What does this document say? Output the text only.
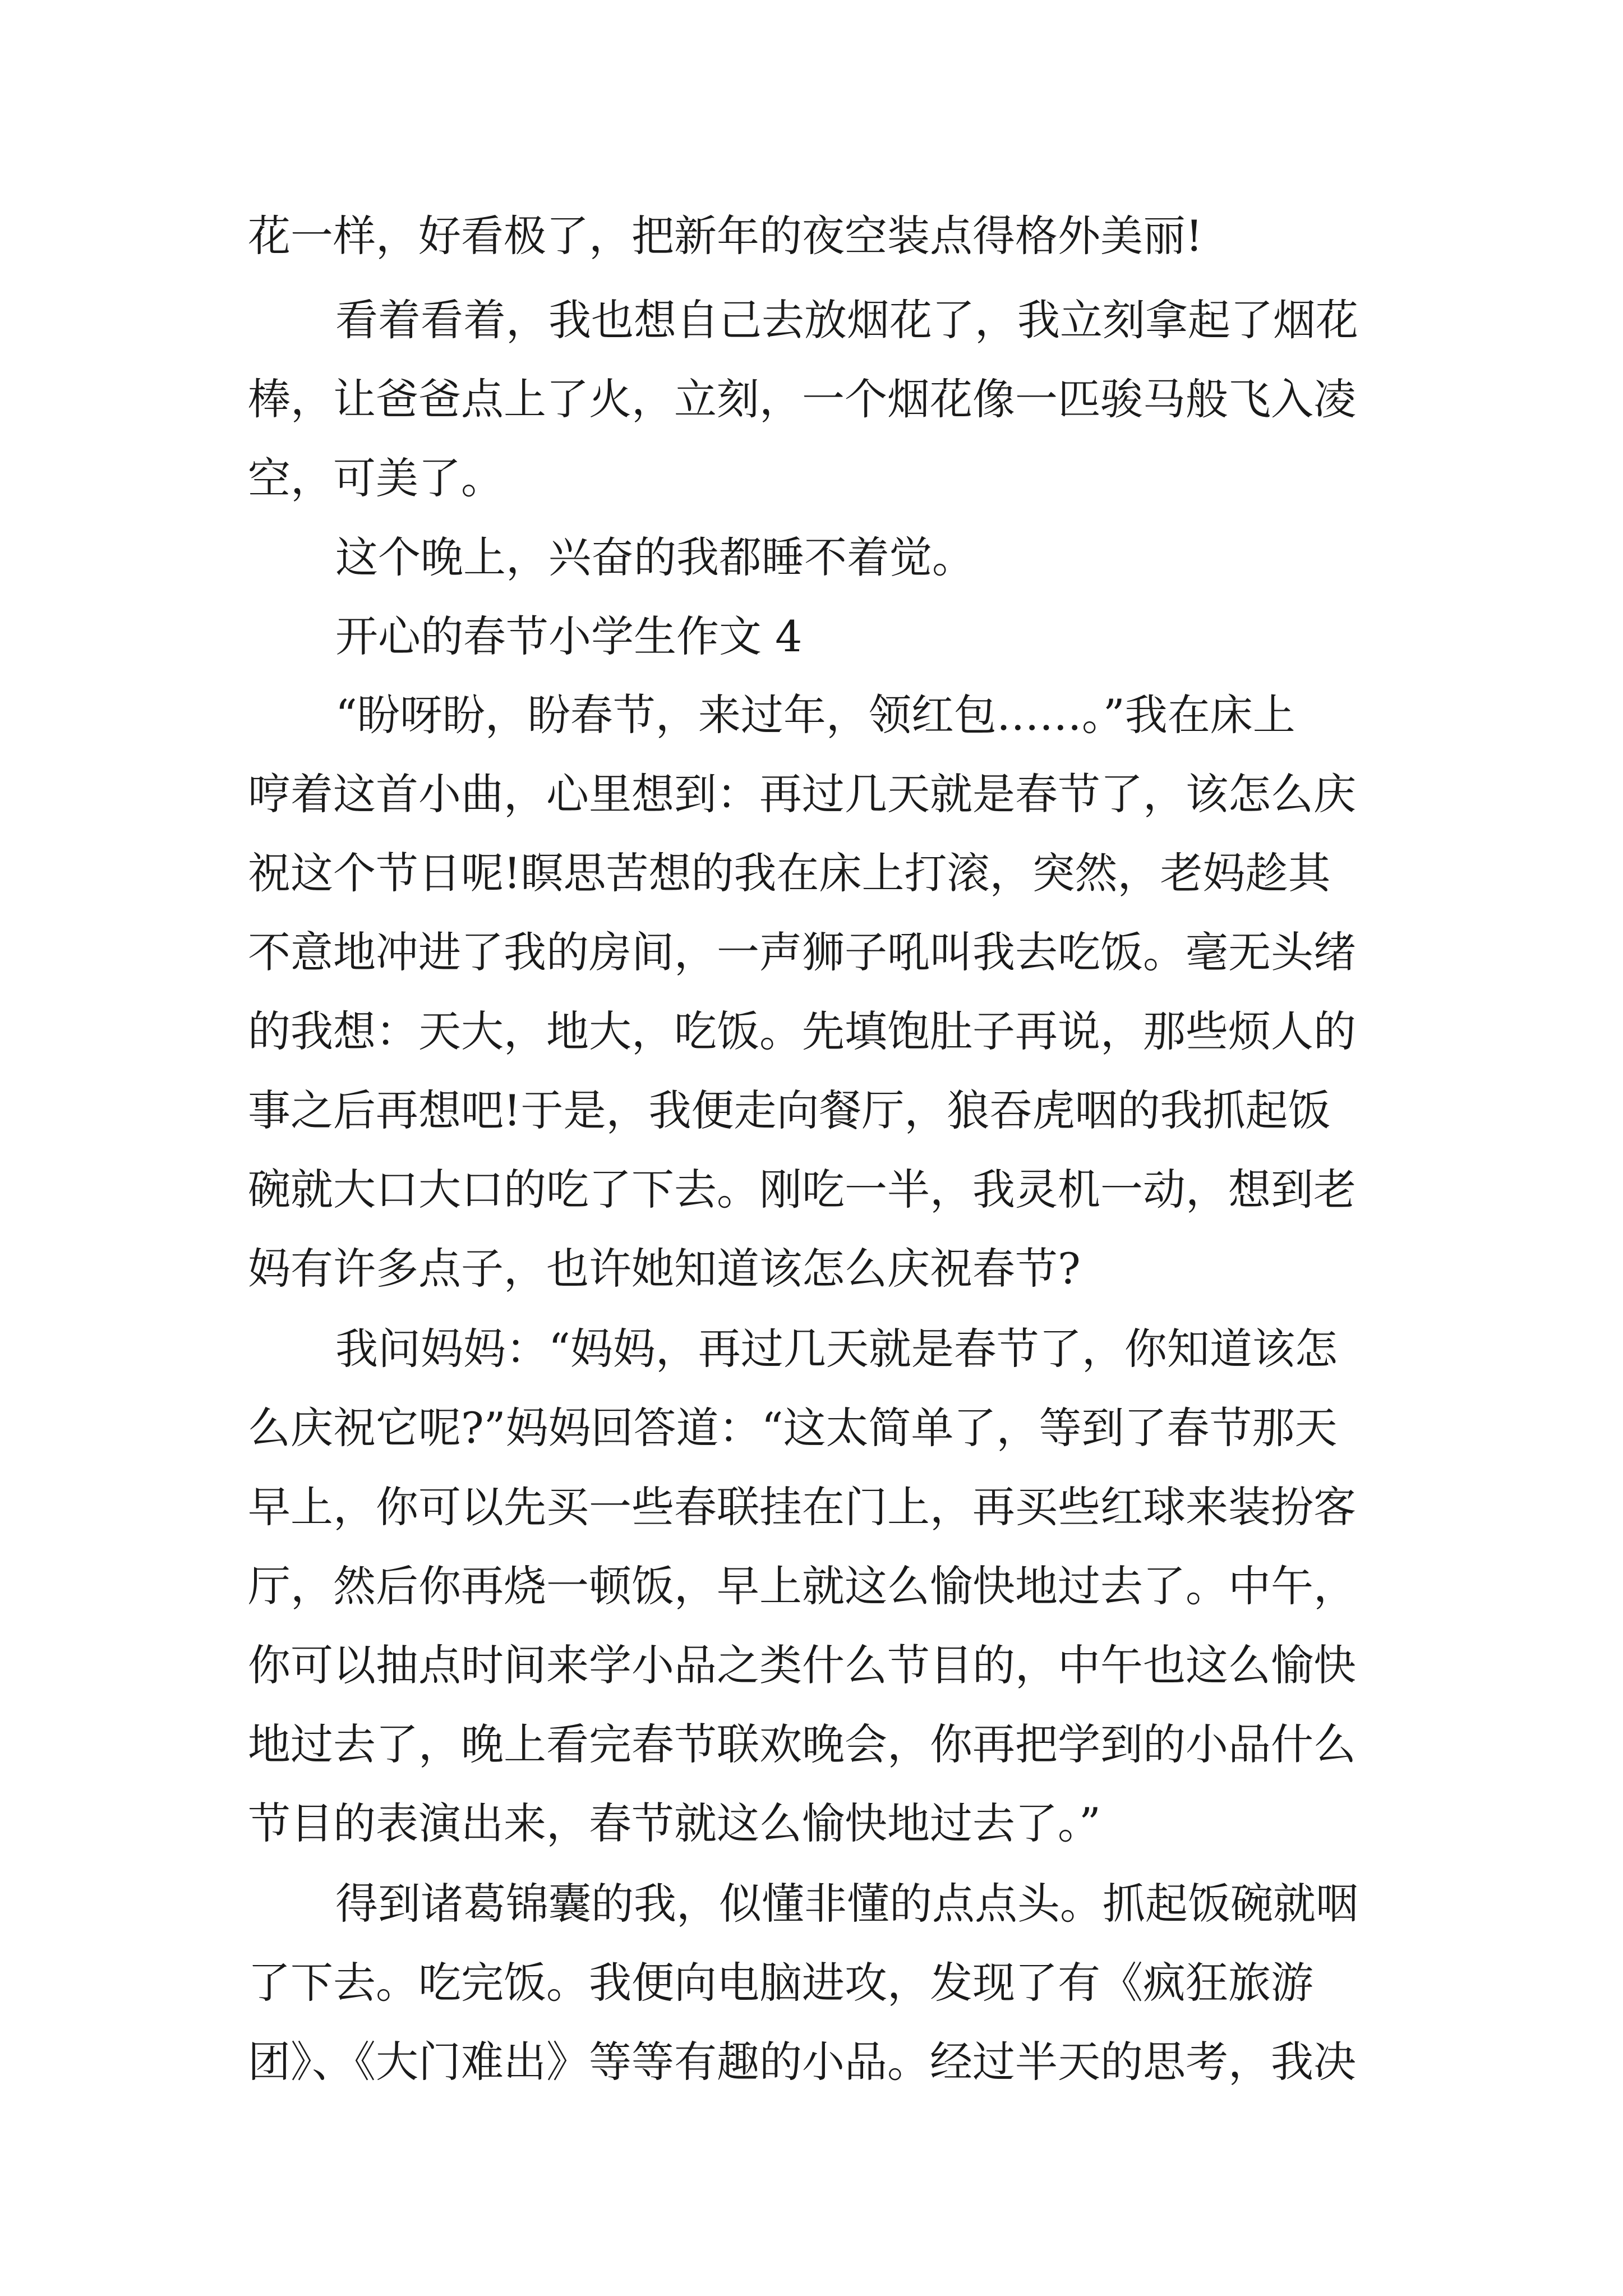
花一样，好看极了，把新年的夜空装点得格外美丽!
看着看着，我也想自己去放烟花了，我立刻拿起了烟花
棒，让爸爸点上了火，立刻，一个烟花像一匹骏马般飞入凌
空，可美了。
这个晚上，兴奋的我都睡不着觉。
开心的春节小学生作文 4
“盼呀盼，盼春节，来过年，领红包……。”我在床上
哼着这首小曲，心里想到：再过几天就是春节了，该怎么庆
祝这个节日呢!瞑思苦想的我在床上打滚，突然，老妈趁其
不意地冲进了我的房间，一声狮子吼叫我去吃饭。毫无头绪
的我想：天大，地大，吃饭。先填饱肚子再说，那些烦人的
事之后再想吧!于是，我便走向餐厅，狼吞虎咽的我抓起饭
碗就大口大口的吃了下去。刚吃一半，我灵机一动，想到老
妈有许多点子，也许她知道该怎么庆祝春节?
我问妈妈：“妈妈，再过几天就是春节了，你知道该怎
么庆祝它呢?”妈妈回答道：“这太简单了，等到了春节那天
早上，你可以先买一些春联挂在门上，再买些红球来装扮客
厅，然后你再烧一顿饭，早上就这么愉快地过去了。中午，
你可以抽点时间来学小品之类什么节目的，中午也这么愉快
地过去了，晚上看完春节联欢晚会，你再把学到的小品什么
节目的表演出来，春节就这么愉快地过去了。”
得到诸葛锦囊的我，似懂非懂的点点头。抓起饭碗就咽
了下去。吃完饭。我便向电脑进攻，发现了有《疯狂旅游
团》、《大门难出》等等有趣的小品。经过半天的思考，我决
